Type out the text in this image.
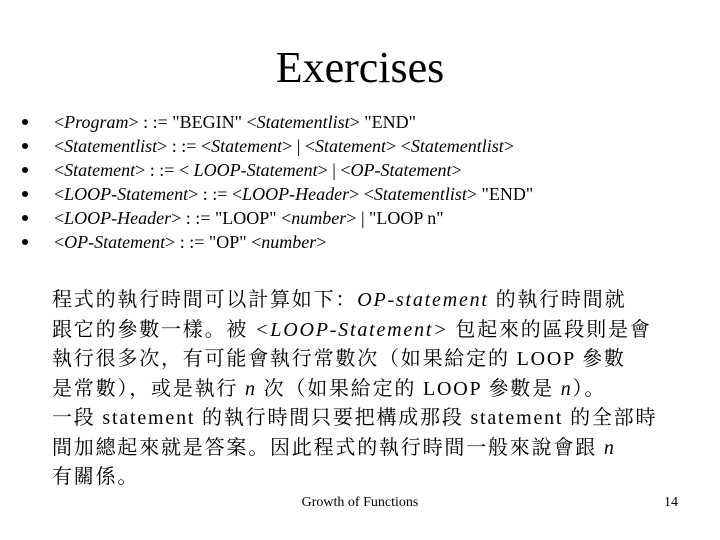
Exercises
<Program> : := "BEGIN" <Statementlist> "END"
<Statementlist> : := <Statement> | <Statement> <Statementlist>
<Statement> : := < LOOP-Statement> | <OP-Statement>
<LOOP-Statement> : := <LOOP-Header> <Statementlist> "END"
<LOOP-Header> : := "LOOP" <number> | "LOOP n"
<OP-Statement> : := "OP" <number>

程式的執行時間可以計算如下：OP-statement 的執行時間就
跟它的參數一樣。被 <LOOP-Statement> 包起來的區段則是會
執行很多次，有可能會執行常數次（如果給定的 LOOP 參數
是常數），或是執行 n 次（如果給定的 LOOP 參數是 n）。
一段 statement 的執行時間只要把構成那段 statement 的全部時
間加總起來就是答案。因此程式的執行時間一般來說會跟 n
有關係。

Growth of Functions	14
